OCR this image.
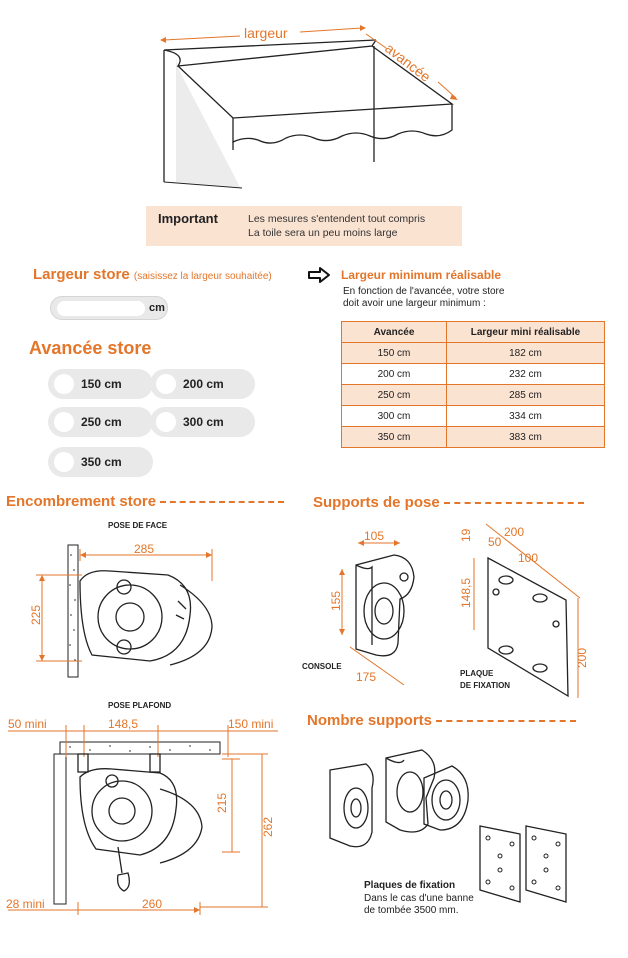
largeur
avancée
Important	Les mesures s'entendent tout compris
La toile sera un peu moins large
Largeur store (saisissez la largeur souhaitée)
cm
Avancée store
150 cm	200 cm
250 cm	300 cm
350 cm
Largeur minimum réalisable
En fonction de l'avancée, votre store
doit avoir une largeur minimum :
Avancée	Largeur mini réalisable
150 cm	182 cm
200 cm	232 cm
250 cm	285 cm
300 cm	334 cm
350 cm	383 cm
Encombrement store	Supports de pose
Nombre supports
POSE DE FACE
285
225
POSE PLAFOND
50 mini	148,5	150 mini
215
262
28 mini	260
105
155
175
CONSOLE
200
19 50
100
148,5
200
PLAQUE
DE FIXATION
Plaques de fixation
Dans le cas d'une banne
de tombée 3500 mm.
